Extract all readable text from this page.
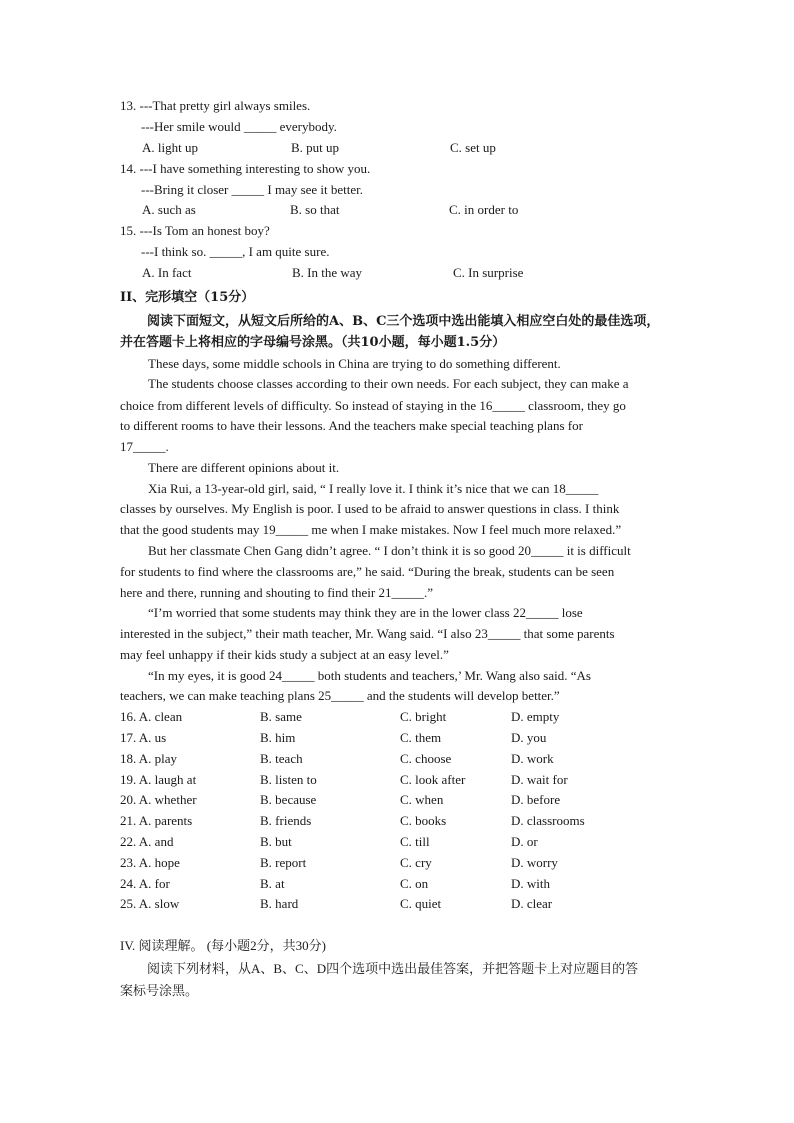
13. ---That pretty girl always smiles.
---Her smile would _____ everybody.
A. light up	B. put up	C. set up
14. ---I have something interesting to show you.
---Bring it closer _____ I may see it better.
A. such as	B. so that	C. in order to
15. ---Is Tom an honest boy?
---I think so. _____, I am quite sure.
A. In fact	B. In the way	C. In surprise
II、完形填空（15分）
阅读下面短文，从短文后所给的A、B、C三个选项中选出能填入相应空白处的最佳选项，
并在答题卡上将相应的字母编号涂黑。（共10小题，每小题1.5分）
These days, some middle schools in China are trying to do something different.
The students choose classes according to their own needs. For each subject, they can make a
choice from different levels of difficulty. So instead of staying in the 16_____ classroom, they go
to different rooms to have their lessons. And the teachers make special teaching plans for
17_____.
There are different opinions about it.
Xia Rui, a 13-year-old girl, said, “ I really love it. I think it’s nice that we can 18_____
classes by ourselves. My English is poor. I used to be afraid to answer questions in class. I think
that the good students may 19_____ me when I make mistakes. Now I feel much more relaxed.”
But her classmate Chen Gang didn’t agree. “ I don’t think it is so good 20_____ it is difficult
for students to find where the classrooms are,” he said. “During the break, students can be seen
here and there, running and shouting to find their 21_____.”
“I’m worried that some students may think they are in the lower class 22_____ lose
interested in the subject,” their math teacher, Mr. Wang said. “I also 23_____ that some parents
may feel unhappy if their kids study a subject at an easy level.”
“In my eyes, it is good 24_____ both students and teachers,’ Mr. Wang also said. “As
teachers, we can make teaching plans 25_____ and the students will develop better.”
16. A. clean	B. same	C. bright	D. empty
17. A. us	B. him	C. them	D. you
18. A. play	B. teach	C. choose	D. work
19. A. laugh at	B. listen to	C. look after	D. wait for
20. A. whether	B. because	C. when	D. before
21. A. parents	B. friends	C. books	D. classrooms
22. A. and	B. but	C. till	D. or
23. A. hope	B. report	C. cry	D. worry
24. A. for	B. at	C. on	D. with
25. A. slow	B. hard	C. quiet	D. clear
IV. 阅读理解。 (每小题2分，共30分)
阅读下列材料，从A、B、C、D四个选项中选出最佳答案，并把答题卡上对应题目的答
案标号涂黑。
